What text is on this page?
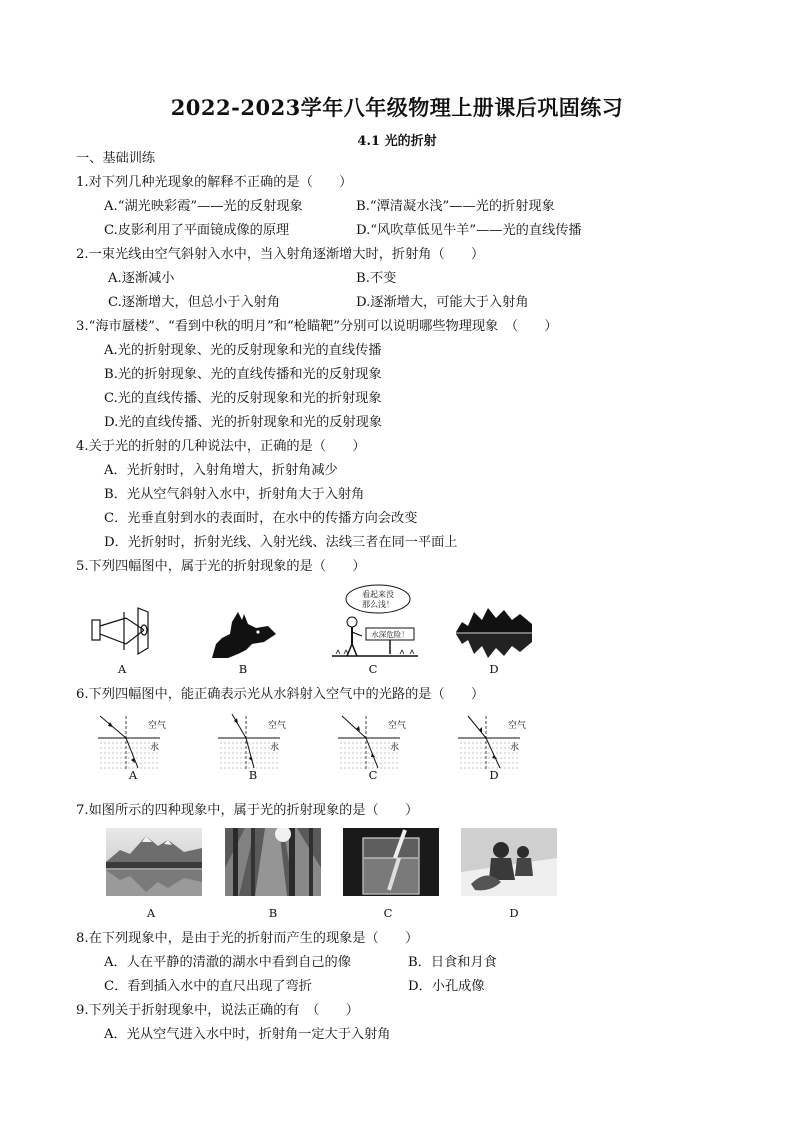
2022-2023学年八年级物理上册课后巩固练习
4.1 光的折射
一、基础训练
1.对下列几种光现象的解释不正确的是（　　）
A.“湖光映彩霞”——光的反射现象	B.“潭清凝水浅”——光的折射现象
C.皮影利用了平面镜成像的原理	D.“风吹草低见牛羊”——光的直线传播
2.一束光线由空气斜射入水中，当入射角逐渐增大时，折射角（　　）
A.逐渐减小	B.不变
C.逐渐增大，但总小于入射角	D.逐渐增大，可能大于入射角
3.“海市蜃楼”、“看到中秋的明月”和“枪瞄靶”分别可以说明哪些物理现象　（　　）
A.光的折射现象、光的反射现象和光的直线传播
B.光的折射现象、光的直线传播和光的反射现象
C.光的直线传播、光的反射现象和光的折射现象
D.光的直线传播、光的折射现象和光的反射现象
4.关于光的折射的几种说法中，正确的是（　　）
A．光折射时，入射角增大，折射角减少
B．光从空气斜射入水中，折射角大于入射角
C．光垂直射到水的表面时，在水中的传播方向会改变
D．光折射时，折射光线、入射光线、法线三者在同一平面上
5.下列四幅图中，属于光的折射现象的是（　　）
A	B
看起来没
那么浅！
水深危险！
C	D
6.下列四幅图中，能正确表示光从水斜射入空气中的光路的是（　　）
空气
水
A
空气
水
B
空气
水
C
空气
水
D
7.如图所示的四种现象中，属于光的折射现象的是（　　）
A	B	C	D
8.在下列现象中，是由于光的折射而产生的现象是（　　）
A．人在平静的清澈的湖水中看到自己的像	B．日食和月食
C．看到插入水中的直尺出现了弯折	D．小孔成像
9.下列关于折射现象中，说法正确的有　（　　）
A．光从空气进入水中时，折射角一定大于入射角
